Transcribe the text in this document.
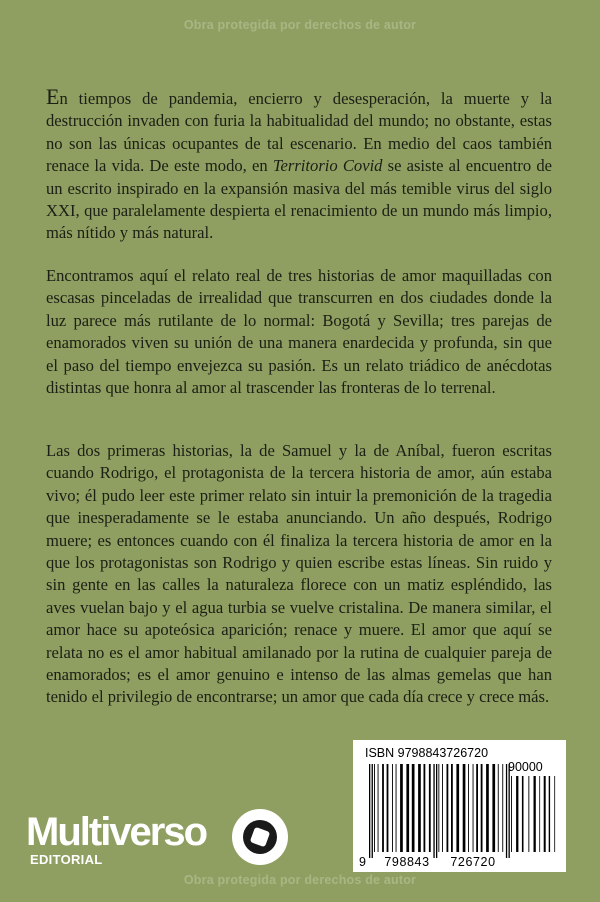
Obra protegida por derechos de autor

En tiempos de pandemia, encierro y desesperación, la muerte y la destrucción invaden con furia la habitualidad del mundo; no obstante, estas no son las únicas ocupantes de tal escenario. En medio del caos también renace la vida. De este modo, en Territorio Covid se asiste al encuentro de un escrito inspirado en la expansión masiva del más temible virus del siglo XXI, que paralelamente despierta el renacimiento de un mundo más limpio, más nítido y más natural.

Encontramos aquí el relato real de tres historias de amor maquilladas con escasas pinceladas de irrealidad que transcurren en dos ciudades donde la luz parece más rutilante de lo normal: Bogotá y Sevilla; tres parejas de enamorados viven su unión de una manera enardecida y profunda, sin que el paso del tiempo envejezca su pasión. Es un relato triádico de anécdotas distintas que honra al amor al trascender las fronteras de lo terrenal.

Las dos primeras historias, la de Samuel y la de Aníbal, fueron escritas cuando Rodrigo, el protagonista de la tercera historia de amor, aún estaba vivo; él pudo leer este primer relato sin intuir la premonición de la tragedia que inesperadamente se le estaba anunciando. Un año después, Rodrigo muere; es entonces cuando con él finaliza la tercera historia de amor en la que los protagonistas son Rodrigo y quien escribe estas líneas. Sin ruido y sin gente en las calles la naturaleza florece con un matiz espléndido, las aves vuelan bajo y el agua turbia se vuelve cristalina. De manera similar, el amor hace su apoteósica aparición; renace y muere. El amor que aquí se relata no es el amor habitual amilanado por la rutina de cualquier pareja de enamorados; es el amor genuino e intenso de las almas gemelas que han tenido el privilegio de encontrarse; un amor que cada día crece y crece más.

Multiverso
EDITORIAL
ISBN 9798843726720
90000
9	798843	726720
Obra protegida por derechos de autor
